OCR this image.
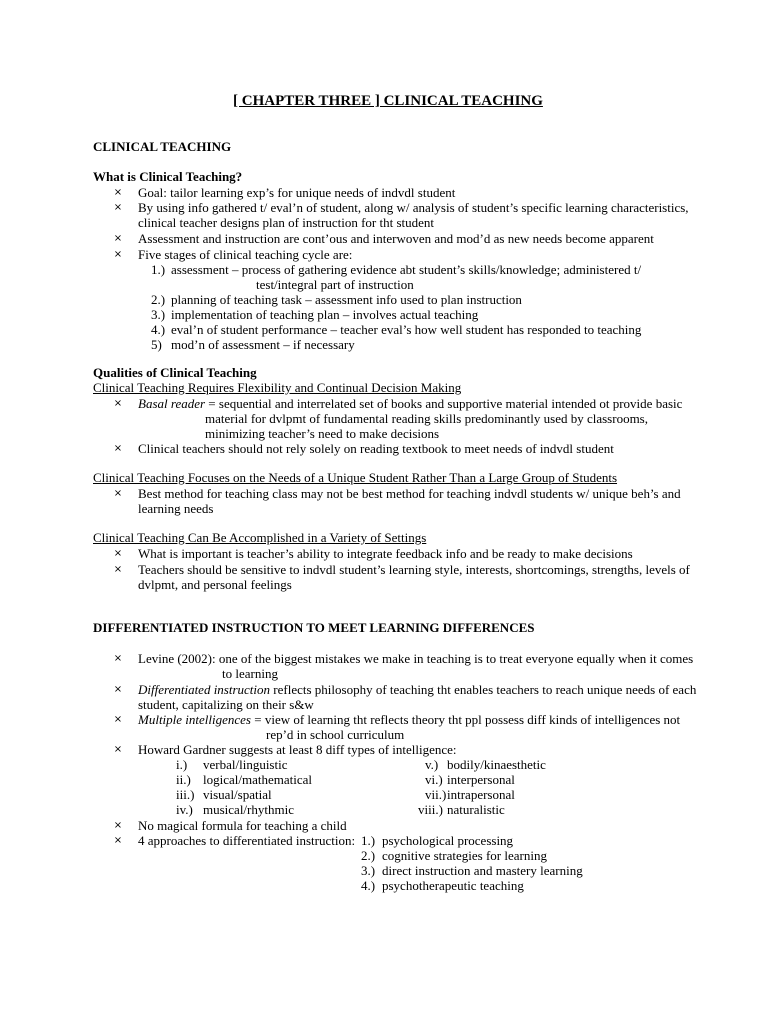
[ CHAPTER THREE ] CLINICAL TEACHING
CLINICAL TEACHING
What is Clinical Teaching?
× Goal: tailor learning exp’s for unique needs of indvdl student
× By using info gathered t/ eval’n of student, along w/ analysis of student’s specific learning characteristics,
clinical teacher designs plan of instruction for tht student
× Assessment and instruction are cont’ous and interwoven and mod’d as new needs become apparent
× Five stages of clinical teaching cycle are:
1.) assessment – process of gathering evidence abt student’s skills/knowledge; administered t/
test/integral part of instruction
2.) planning of teaching task – assessment info used to plan instruction
3.) implementation of teaching plan – involves actual teaching
4.) eval’n of student performance – teacher eval’s how well student has responded to teaching
5) mod’n of assessment – if necessary
Qualities of Clinical Teaching
Clinical Teaching Requires Flexibility and Continual Decision Making
× Basal reader = sequential and interrelated set of books and supportive material intended ot provide basic
material for dvlpmt of fundamental reading skills predominantly used by classrooms,
minimizing teacher’s need to make decisions
× Clinical teachers should not rely solely on reading textbook to meet needs of indvdl student
Clinical Teaching Focuses on the Needs of a Unique Student Rather Than a Large Group of Students
× Best method for teaching class may not be best method for teaching indvdl students w/ unique beh’s and
learning needs
Clinical Teaching Can Be Accomplished in a Variety of Settings
× What is important is teacher’s ability to integrate feedback info and be ready to make decisions
× Teachers should be sensitive to indvdl student’s learning style, interests, shortcomings, strengths, levels of
dvlpmt, and personal feelings
DIFFERENTIATED INSTRUCTION TO MEET LEARNING DIFFERENCES
× Levine (2002): one of the biggest mistakes we make in teaching is to treat everyone equally when it comes
to learning
× Differentiated instruction reflects philosophy of teaching tht enables teachers to reach unique needs of each
student, capitalizing on their s&w
× Multiple intelligences = view of learning tht reflects theory tht ppl possess diff kinds of intelligences not
rep’d in school curriculum
× Howard Gardner suggests at least 8 diff types of intelligence:
i.) verbal/linguistic
ii.) logical/mathematical
iii.) visual/spatial
iv.) musical/rhythmic
v.) bodily/kinaesthetic
vi.) interpersonal
vii.) intrapersonal
viii.) naturalistic
× No magical formula for teaching a child
× 4 approaches to differentiated instruction: 1.) psychological processing
2.) cognitive strategies for learning
3.) direct instruction and mastery learning
4.) psychotherapeutic teaching
